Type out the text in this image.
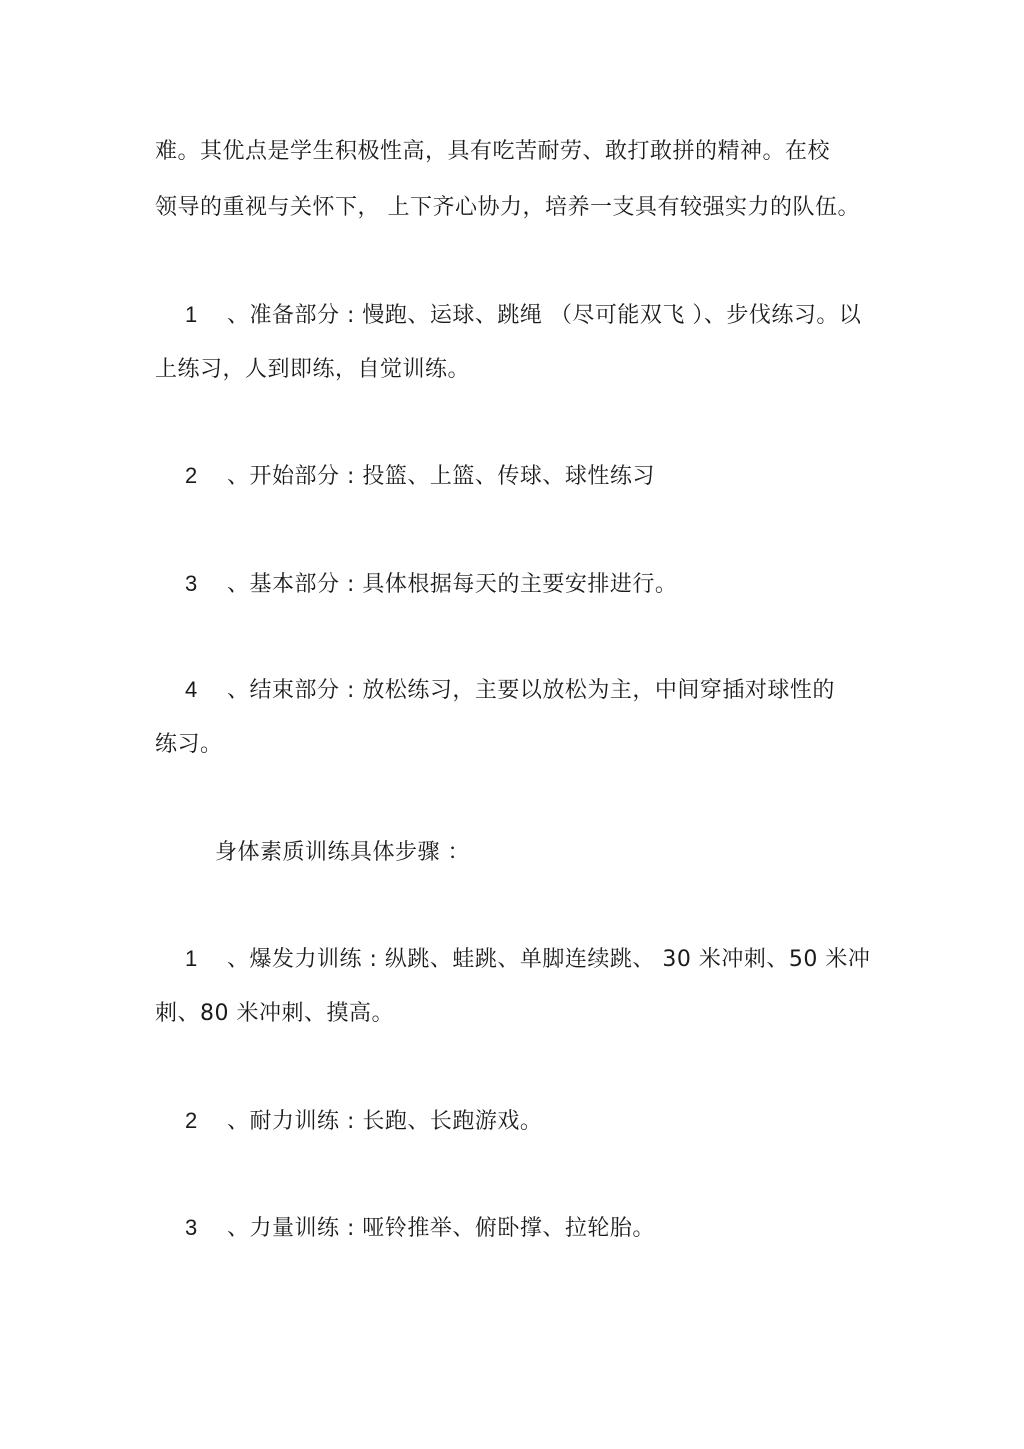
难。其优点是学生积极性高，具有吃苦耐劳、敢打敢拼的精神。在校
领导的重视与关怀下， 上下齐心协力，培养一支具有较强实力的队伍。
1 、准备部分 : 慢跑、运球、跳绳 （尽可能双飞 ）、步伐练习。以
上练习，人到即练，自觉训练。
2 、开始部分 : 投篮、上篮、传球、球性练习
3 、基本部分 : 具体根据每天的主要安排进行。
4 、结束部分 : 放松练习，主要以放松为主，中间穿插对球性的
练习。
身体素质训练具体步骤 ：
1 、爆发力训练 : 纵跳、蛙跳、单脚连续跳、 30 米冲刺、50 米冲
刺、80 米冲刺、摸高。
2 、耐力训练 : 长跑、长跑游戏。
3 、力量训练 : 哑铃推举、俯卧撑、拉轮胎。
